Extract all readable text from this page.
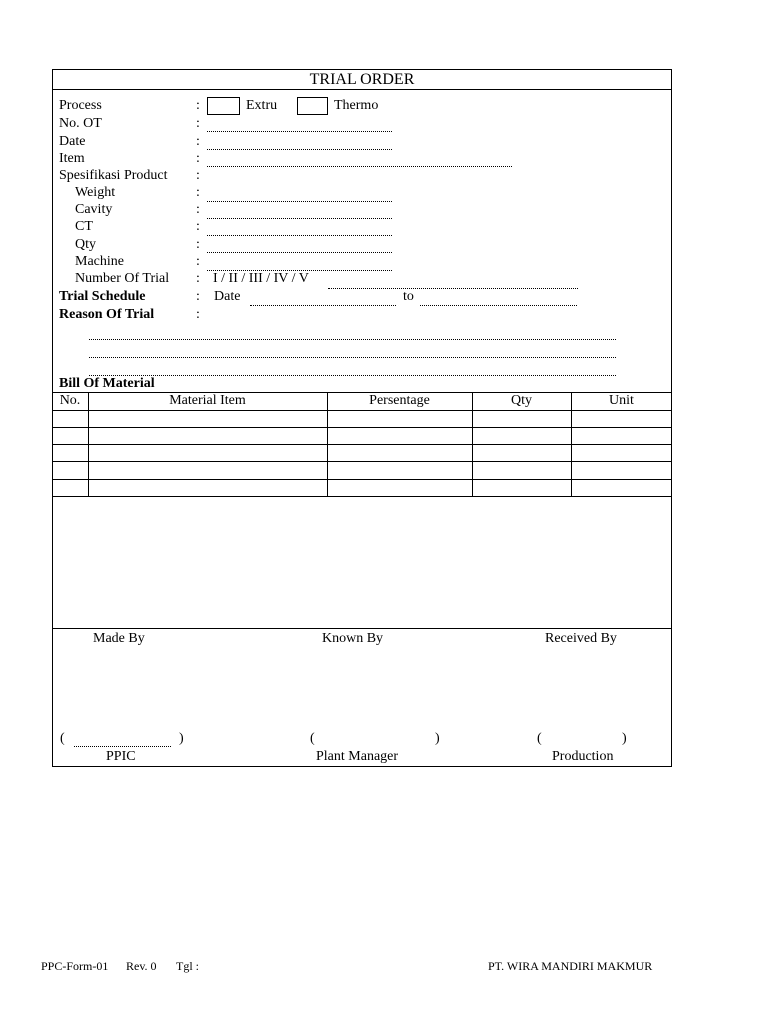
TRIAL ORDER
Process	:	Extru	Thermo
No. OT	:
Date	:
Item	:
Spesifikasi Product :
Weight	:
Cavity	:
CT	:
Qty	:
Machine	:
Number Of Trial : I / II / III / IV / V
Trial Schedule	: Date	to
Reason Of Trial	:
Bill Of Material
No.	Material Item	Persentage	Qty	Unit
Made By	Known By	Received By
(	)	(	)	(	)
PPIC	Plant Manager	Production
PPC-Form-01 Rev. 0 Tgl :	PT. WIRA MANDIRI MAKMUR
